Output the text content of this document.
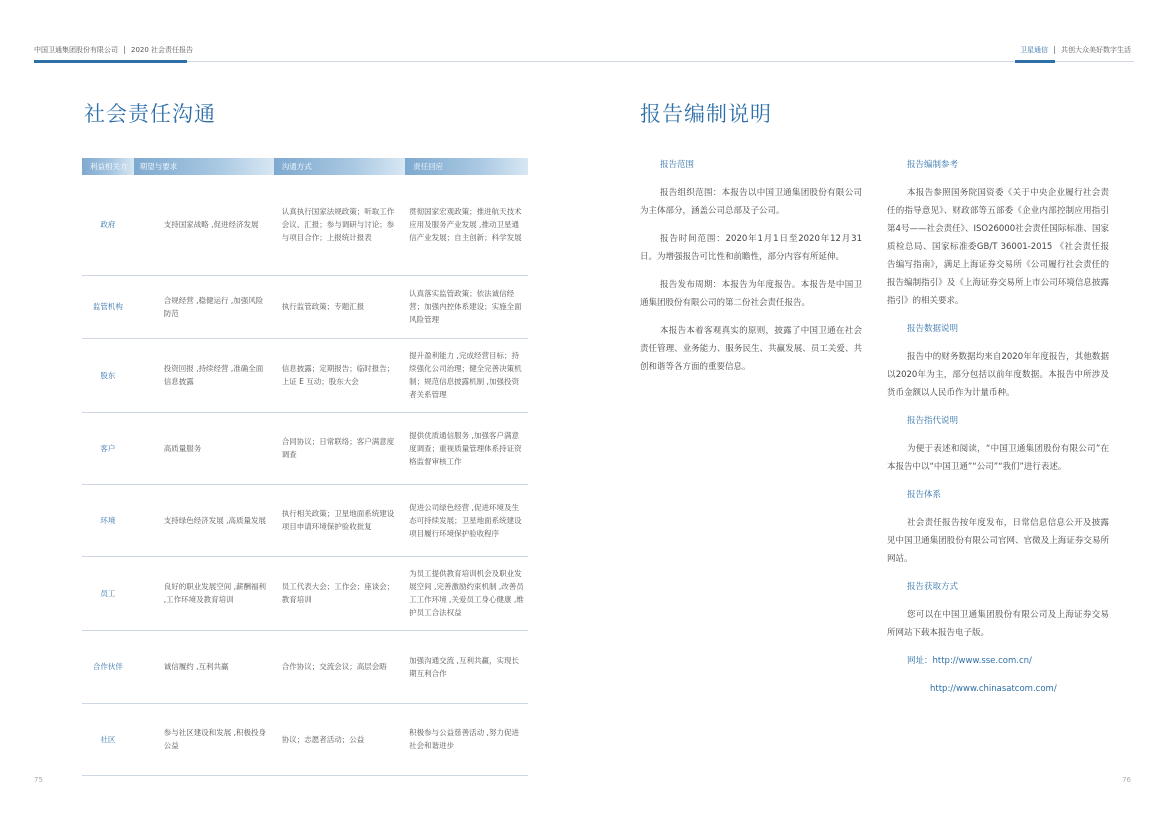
中国卫通集团股份有限公司 2020 社会责任报告	卫星通信 共创大众美好数字生活
社会责任沟通	报告编制说明
利益相关方	期望与要求	沟通方式	责任回应
政府	支持国家战略 ,促进经济发展	认真执行国家法规政策；听取工作会议、汇报；参与调研与讨论；参与项目合作；上报统计报表	贯彻国家宏观政策；推进航天技术应用及服务产业发展 ,推动卫星通信产业发展；自主创新；科学发展
监管机构	合规经营 ,稳健运行 ,加强风险防范	执行监管政策；专题汇报	认真落实监管政策；依法诚信经营；加强内控体系建设；实施全面风险管理
股东	投资回报 ,持续经营 ,准确全面信息披露	信息披露；定期报告；临时报告；上证 E 互动；股东大会	提升盈利能力 ,完成经营目标；持续强化公司治理；健全完善决策机制；规范信息披露机制 ,加强投资者关系管理
客户	高质量服务	合同协议；日常联络；客户满意度调查	提供优质通信服务 ,加强客户满意度调查；重视质量管理体系持证资格监督审核工作
环境	支持绿色经济发展 ,高质量发展	执行相关政策；卫星地面系统建设项目申请环境保护验收批复	促进公司绿色经营 ,促进环境及生态可持续发展；卫星地面系统建设项目履行环境保护验收程序
员工	良好的职业发展空间 ,薪酬福利 ,工作环境及教育培训	员工代表大会；工作会；座谈会；教育培训	为员工提供教育培训机会及职业发展空间 ,完善激励约束机制 ,改善员工工作环境 ,关爱员工身心健康 ,维护员工合法权益
合作伙伴	诚信履约 ,互利共赢	合作协议；交流会议；高层会晤	加强沟通交流 ,互利共赢，实现长期互利合作
社区	参与社区建设和发展 ,积极投身公益	协议；志愿者活动；公益	积极参与公益慈善活动 ,努力促进社会和谐进步
报告范围

报告组织范围：本报告以中国卫通集团股份有限公司为主体部分，涵盖公司总部及子公司。

报告时间范围：2020年1月1日至2020年12月31日。为增强报告可比性和前瞻性，部分内容有所延伸。

报告发布周期：本报告为年度报告。本报告是中国卫通集团股份有限公司的第二份社会责任报告。

本报告本着客观真实的原则，披露了中国卫通在社会责任管理、业务能力、服务民生、共赢发展、员工关爱、共创和谐等各方面的重要信息。

报告编制参考

本报告参照国务院国资委《关于中央企业履行社会责任的指导意见》、财政部等五部委《企业内部控制应用指引第4号——社会责任》、ISO26000社会责任国际标准、国家质检总局、国家标准委GB/T 36001-2015 《社会责任报告编写指南》，满足上海证券交易所《公司履行社会责任的报告编制指引》及《上海证券交易所上市公司环境信息披露指引》的相关要求。

报告数据说明

报告中的财务数据均来自2020年年度报告，其他数据以2020年为主，部分包括以前年度数据。本报告中所涉及货币金额以人民币作为计量币种。

报告指代说明

为便于表述和阅读，“中国卫通集团股份有限公司”在本报告中以“中国卫通”“公司”“我们”进行表述。

报告体系

社会责任报告按年度发布，日常信息信息公开及披露见中国卫通集团股份有限公司官网、官微及上海证券交易所网站。

报告获取方式

您可以在中国卫通集团股份有限公司及上海证券交易所网站下载本报告电子版。

网址：http://www.sse.com.cn/
http://www.chinasatcom.com/
75	76
